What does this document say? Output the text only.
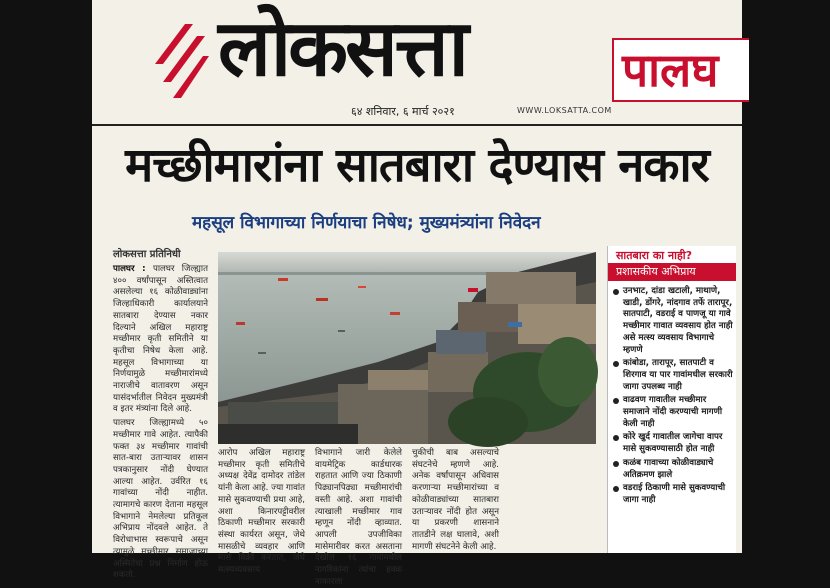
लोकसत्ता	पालघ
६४ शनिवार, ६ मार्च २०२१	WWW.LOKSATTA.COM
मच्छीमारांना सातबारा देण्यास नकार
महसूल विभागाच्या निर्णयाचा निषेध; मुख्यमंत्र्यांना निवेदन
लोकसत्ता प्रतिनिधी

पालघर : पालघर जिल्ह्यात ४०० वर्षांपासून अस्तित्वात असलेल्या १६ कोळीवाड्यांना जिल्हाधिकारी कार्यालयाने सातबारा देण्यास नकार दिल्याने अखिल महाराष्ट्र मच्छीमार कृती समितीने या कृतीचा निषेध केला आहे. महसूल विभागाच्या या निर्णयामुळे मच्छीमारांमध्ये नाराजीचे वातावरण असून यासंदर्भातील निवेदन मुख्यमंत्री व इतर मंत्र्यांना दिले आहे.

पालघर जिल्ह्यामध्ये ५० मच्छीमार गावे आहेत. त्यापैकी फक्त ३४ मच्छीमार गावांची सात-बारा उताऱ्यावर शासन पत्रकानुसार नोंदी घेण्यात आल्या आहेत. उर्वरित १६ गावांच्या नोंदी नाहीत. त्यामागचे कारण देताना महसूल विभागाने नेमलेल्या प्रतिकूल अभिप्राय नोंदवले आहेत. ते विरोधाभास स्वरूपाचे असून त्यामुळे मच्छीमार समाजाच्या अस्मितेचा प्रश्न निर्माण होऊ शकतो.

आरोप अखिल महाराष्ट्र मच्छीमार कृती समितीचे अध्यक्ष देवेंद्र दामोदर तांडेल यांनी केला आहे. ज्या गावांत मासे सुकवण्याची प्रथा आहे, अशा किनारपट्टीवरील ठिकाणी मच्छीमार सरकारी संस्था कार्यरत असून, जेथे मासळीचे व्यवहार आणि मासे विक्री करतात, जेथे मत्स्यव्यवसाय
विभागाने जारी केलेले वायमेट्रिक कार्डधारक राहतात आणि ज्या ठिकाणी पिढ्यानपिढ्या मच्छीमारांची वस्ती आहे. अशा गावांची त्याखाली मच्छीमार गाव म्हणून नोंदी व्हाव्यात. आपली उपजीविका मासेमारीवर करत असताना देखील १६ गावांमधील नागरिकांना त्यांचा हक्क नाकारला
चुकीची बाब असल्याचे संघटनेचे म्हणणे आहे. अनेक वर्षांपासून अधिवास करणाऱ्या मच्छीमारांच्या व कोळीवाड्यांच्या सातबारा उताऱ्यावर नोंदी होत असून या प्रकरणी शासनाने तातडीने लक्ष घालावे, अशी मागणी संघटनेने केली आहे.
सातबारा का नाही?
प्रशासकीय अभिप्राय
उनभाट, दांडा खटाली, माथाणे, खाडी, डोंगरे, नांदगाव तर्फे तारापूर, सातपाटी, वडराई व पाणजू या गावे मच्छीमार गावात व्यवसाय होत नाही असे मत्स्य व्यवसाय विभागाचे म्हणणे
कांबोडा, तारापूर, सातपाटी व शिरगाव या पार गावांमधील सरकारी जागा उपलब्ध नाही
वाढवण गावातील मच्छीमार समाजाने नोंदी करण्याची मागणी केली नाही
कोरे खुर्द गावातील जागेचा वापर मासे सुकवण्यासाठी होत नाही
कळंब गावाच्या कोळीवाड्याचे अतिक्रमण झाले
वडराई ठिकाणी मासे सुकवण्याची जागा नाही
